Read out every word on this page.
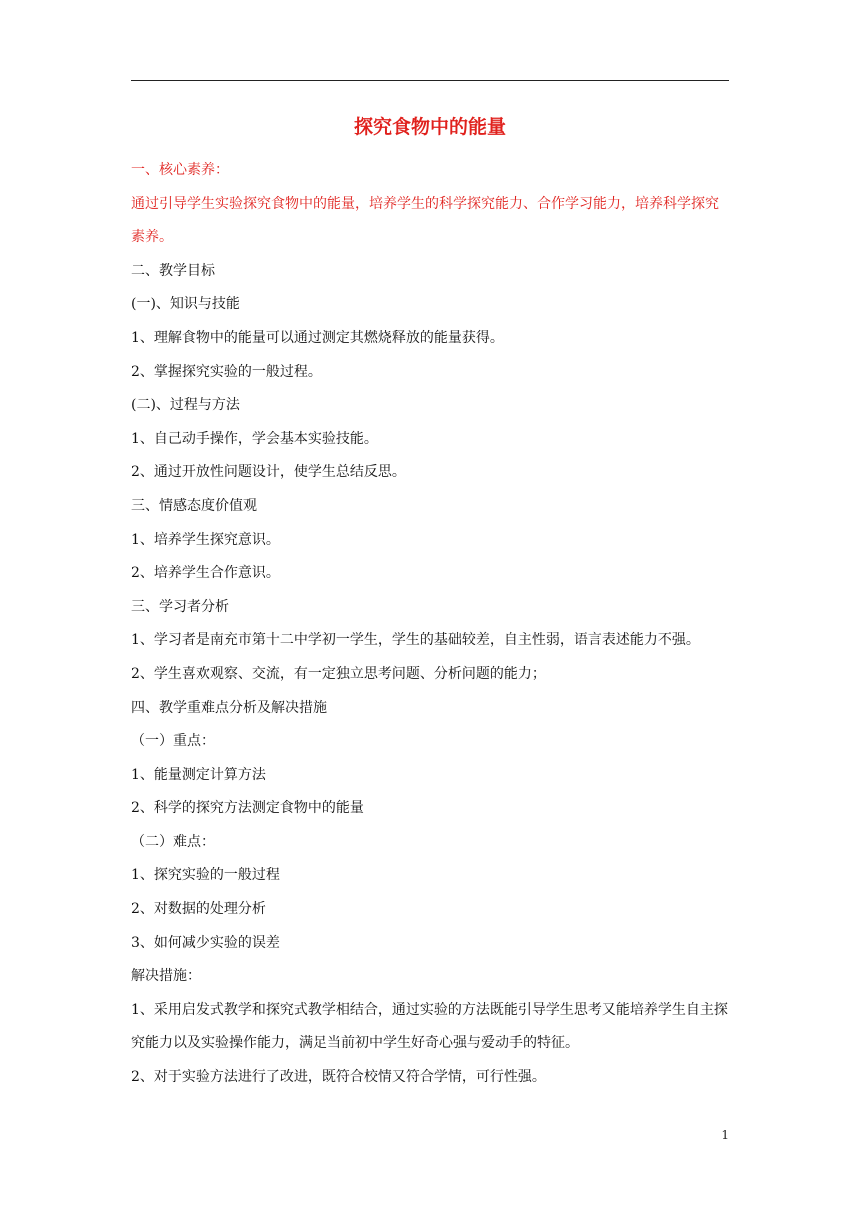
探究食物中的能量

一、核心素养：

通过引导学生实验探究食物中的能量，培养学生的科学探究能力、合作学习能力，培养科学探究素养。

二、教学目标

(一)、知识与技能

1、理解食物中的能量可以通过测定其燃烧释放的能量获得。

2、掌握探究实验的一般过程。

(二)、过程与方法

1、自己动手操作，学会基本实验技能。

2、通过开放性问题设计，使学生总结反思。

三、情感态度价值观

1、培养学生探究意识。

2、培养学生合作意识。

三、学习者分析

1、学习者是南充市第十二中学初一学生，学生的基础较差，自主性弱，语言表述能力不强。

2、学生喜欢观察、交流，有一定独立思考问题、分析问题的能力；

四、教学重难点分析及解决措施

（一）重点：

1、能量测定计算方法

2、科学的探究方法测定食物中的能量

（二）难点：

1、探究实验的一般过程

2、对数据的处理分析

3、如何减少实验的误差

解决措施：

1、采用启发式教学和探究式教学相结合，通过实验的方法既能引导学生思考又能培养学生自主探究能力以及实验操作能力，满足当前初中学生好奇心强与爱动手的特征。

2、对于实验方法进行了改进，既符合校情又符合学情，可行性强。

1
